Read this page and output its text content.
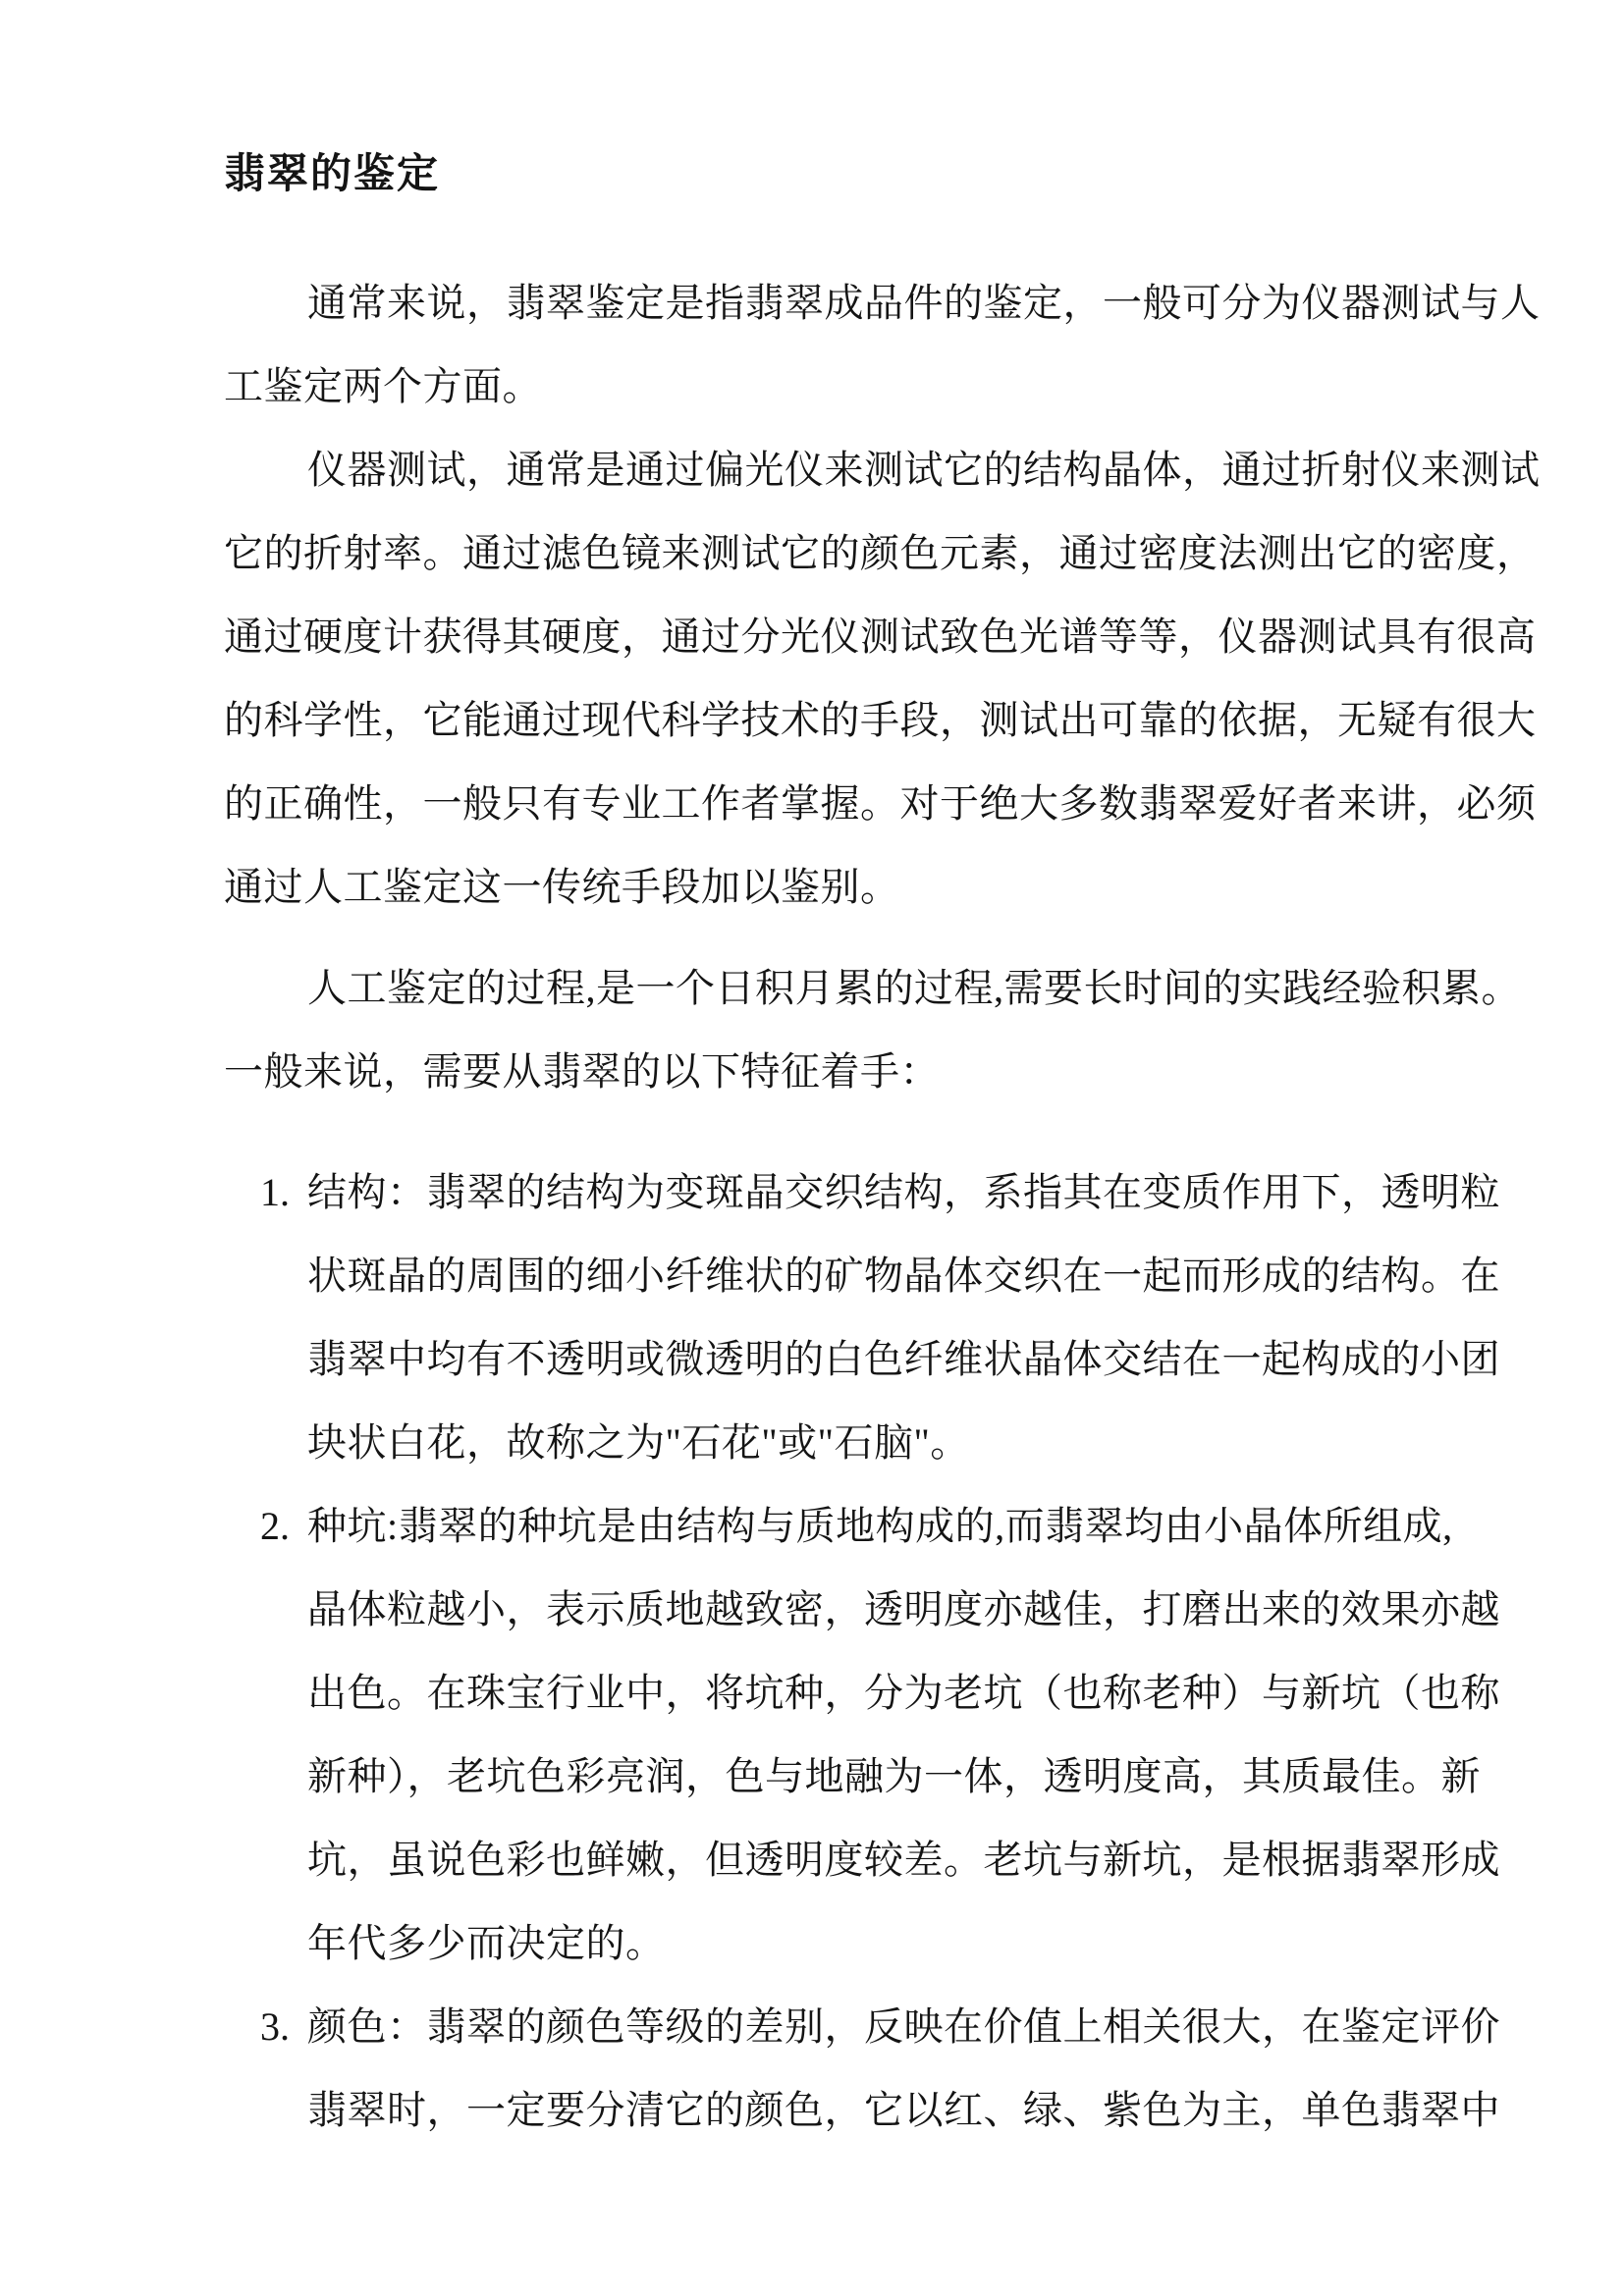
翡翠的鉴定
通常来说，翡翠鉴定是指翡翠成品件的鉴定，一般可分为仪器测试与人
工鉴定两个方面。
仪器测试，通常是通过偏光仪来测试它的结构晶体，通过折射仪来测试
它的折射率。通过滤色镜来测试它的颜色元素，通过密度法测出它的密度，
通过硬度计获得其硬度，通过分光仪测试致色光谱等等，仪器测试具有很高
的科学性，它能通过现代科学技术的手段，测试出可靠的依据，无疑有很大
的正确性，一般只有专业工作者掌握。对于绝大多数翡翠爱好者来讲，必须
通过人工鉴定这一传统手段加以鉴别。
人工鉴定的过程,是一个日积月累的过程,需要长时间的实践经验积累。
一般来说，需要从翡翠的以下特征着手：
1. 结构：翡翠的结构为变斑晶交织结构，系指其在变质作用下，透明粒
状斑晶的周围的细小纤维状的矿物晶体交织在一起而形成的结构。在
翡翠中均有不透明或微透明的白色纤维状晶体交结在一起构成的小团
块状白花，故称之为"石花"或"石脑"。
2. 种坑:翡翠的种坑是由结构与质地构成的,而翡翠均由小晶体所组成,
晶体粒越小，表示质地越致密，透明度亦越佳，打磨出来的效果亦越
出色。在珠宝行业中，将坑种，分为老坑（也称老种）与新坑（也称
新种），老坑色彩亮润，色与地融为一体，透明度高，其质最佳。新
坑，虽说色彩也鲜嫩，但透明度较差。老坑与新坑，是根据翡翠形成
年代多少而决定的。
3. 颜色：翡翠的颜色等级的差别，反映在价值上相关很大，在鉴定评价
翡翠时，一定要分清它的颜色，它以红、绿、紫色为主，单色翡翠中
